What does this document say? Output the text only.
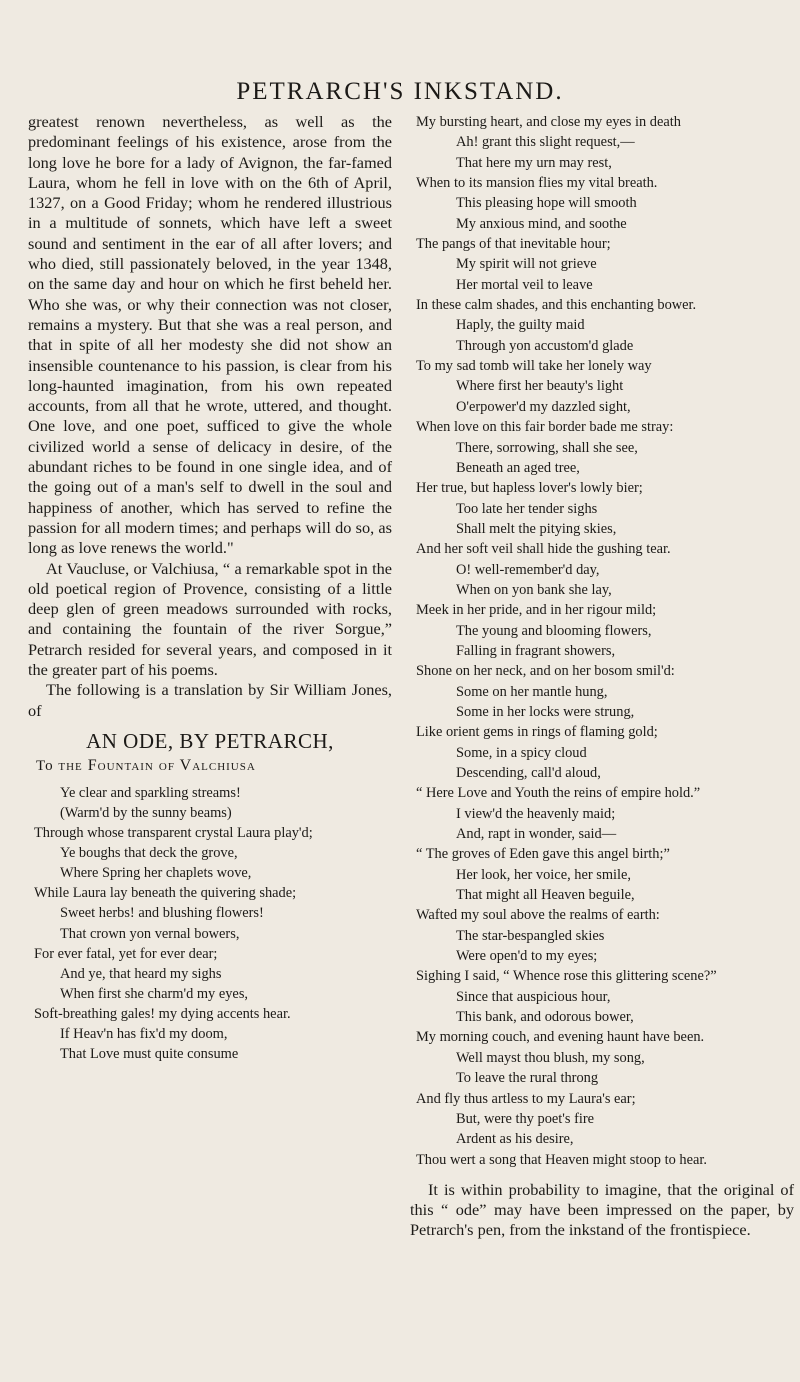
PETRARCH'S INKSTAND.

greatest renown nevertheless, as well as the predominant feelings of his existence, arose from the long love he bore for a lady of Avignon, the far-famed Laura, whom he fell in love with on the 6th of April, 1327, on a Good Friday; whom he rendered illustrious in a multitude of sonnets, which have left a sweet sound and sentiment in the ear of all after lovers; and who died, still passionately beloved, in the year 1348, on the same day and hour on which he first beheld her. Who she was, or why their connection was not closer, remains a mystery. But that she was a real person, and that in spite of all her modesty she did not show an insensible countenance to his passion, is clear from his long-haunted imagination, from his own repeated accounts, from all that he wrote, uttered, and thought. One love, and one poet, sufficed to give the whole civilized world a sense of delicacy in desire, of the abundant riches to be found in one single idea, and of the going out of a man's self to dwell in the soul and happiness of another, which has served to refine the passion for all modern times; and perhaps will do so, as long as love renews the world."

At Vaucluse, or Valchiusa, “ a remarkable spot in the old poetical region of Provence, consisting of a little deep glen of green meadows surrounded with rocks, and containing the fountain of the river Sorgue,” Petrarch resided for several years, and composed in it the greater part of his poems.

The following is a translation by Sir William Jones, of

AN ODE, BY PETRARCH,
To the Fountain of Valchiusa
Ye clear and sparkling streams!
(Warm'd by the sunny beams)
Through whose transparent crystal Laura play'd;
Ye boughs that deck the grove,
Where Spring her chaplets wove,
While Laura lay beneath the quivering shade;
Sweet herbs! and blushing flowers!
That crown yon vernal bowers,
For ever fatal, yet for ever dear;
And ye, that heard my sighs
When first she charm'd my eyes,
Soft-breathing gales! my dying accents hear.
If Heav'n has fix'd my doom,
That Love must quite consume
My bursting heart, and close my eyes in death
Ah! grant this slight request,—
That here my urn may rest,
When to its mansion flies my vital breath.
This pleasing hope will smooth
My anxious mind, and soothe
The pangs of that inevitable hour;
My spirit will not grieve
Her mortal veil to leave
In these calm shades, and this enchanting bower.
Haply, the guilty maid
Through yon accustom'd glade
To my sad tomb will take her lonely way
Where first her beauty's light
O'erpower'd my dazzled sight,
When love on this fair border bade me stray:
There, sorrowing, shall she see,
Beneath an aged tree,
Her true, but hapless lover's lowly bier;
Too late her tender sighs
Shall melt the pitying skies,
And her soft veil shall hide the gushing tear.
O! well-remember'd day,
When on yon bank she lay,
Meek in her pride, and in her rigour mild;
The young and blooming flowers,
Falling in fragrant showers,
Shone on her neck, and on her bosom smil'd:
Some on her mantle hung,
Some in her locks were strung,
Like orient gems in rings of flaming gold;
Some, in a spicy cloud
Descending, call'd aloud,
“ Here Love and Youth the reins of empire hold.”
I view'd the heavenly maid;
And, rapt in wonder, said—
“ The groves of Eden gave this angel birth;”
Her look, her voice, her smile,
That might all Heaven beguile,
Wafted my soul above the realms of earth:
The star-bespangled skies
Were open'd to my eyes;
Sighing I said, “ Whence rose this glittering scene?”
Since that auspicious hour,
This bank, and odorous bower,
My morning couch, and evening haunt have been.
Well mayst thou blush, my song,
To leave the rural throng
And fly thus artless to my Laura's ear;
But, were thy poet's fire
Ardent as his desire,
Thou wert a song that Heaven might stoop to hear.
It is within probability to imagine, that the original of this “ ode” may have been impressed on the paper, by Petrarch's pen, from the inkstand of the frontispiece.
